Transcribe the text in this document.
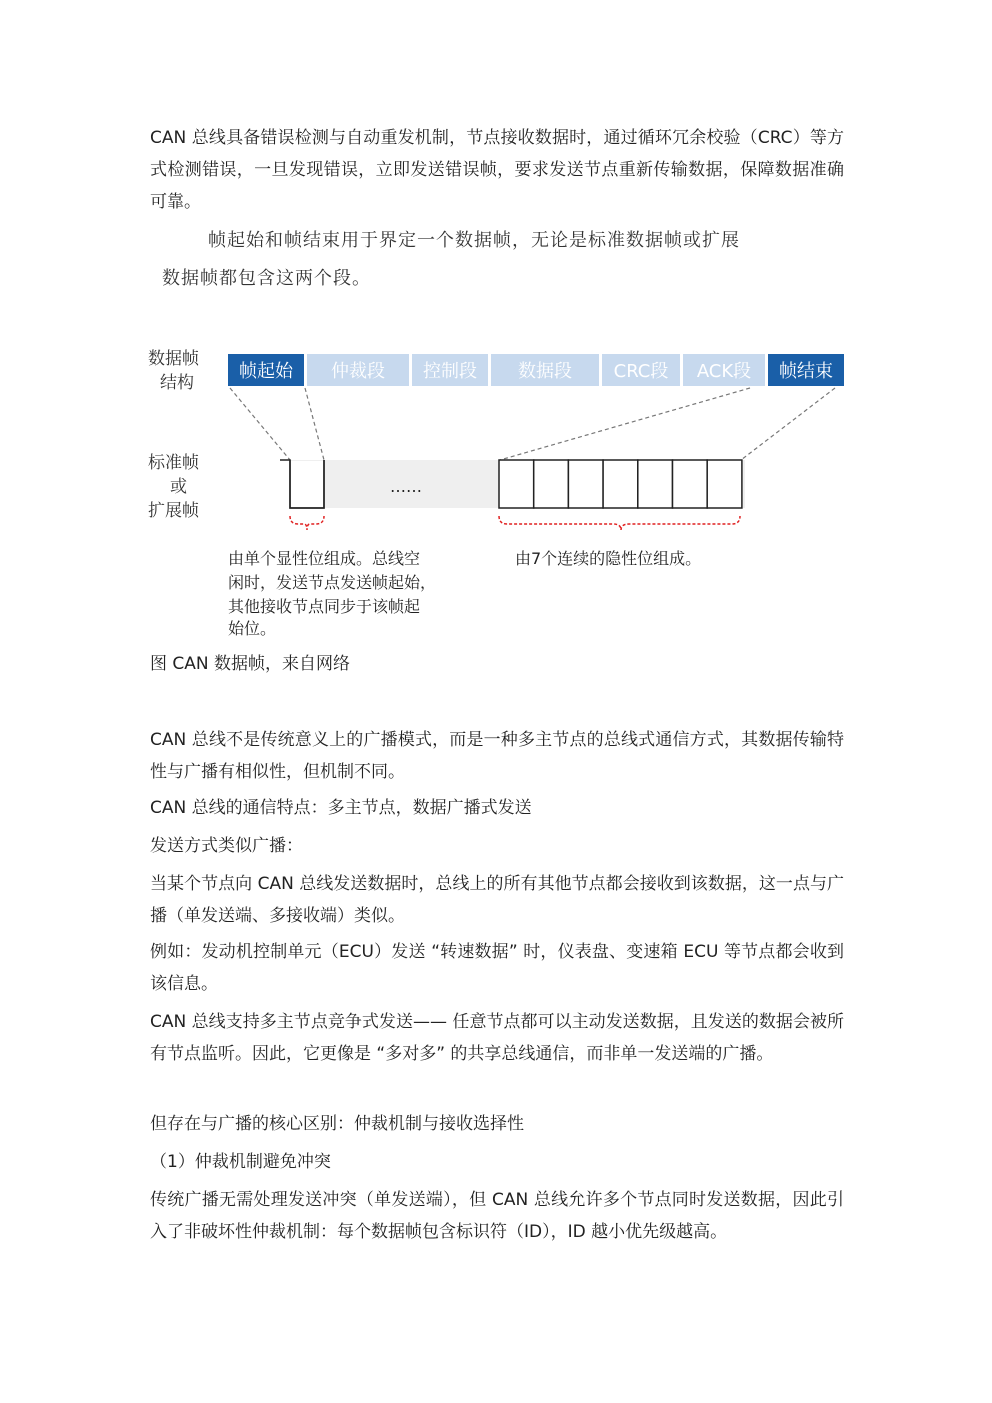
CAN 总线具备错误检测与自动重发机制，节点接收数据时，通过循环冗余校验（CRC）等方式检测错误，一旦发现错误，立即发送错误帧，要求发送节点重新传输数据，保障数据准确可靠。

帧起始和帧结束用于界定一个数据帧，无论是标准数据帧或扩展
数据帧都包含这两个段。
数据帧
结构
标准帧
或
扩展帧
帧起始 仲裁段 控制段 数据段 CRC段 ACK段 帧结束
……
由单个显性位组成。总线空
闲时，发送节点发送帧起始，
其他接收节点同步于该帧起
始位。
由7个连续的隐性位组成。
图 CAN 数据帧，来自网络

CAN 总线不是传统意义上的广播模式，而是一种多主节点的总线式通信方式，其数据传输特性与广播有相似性，但机制不同。

CAN 总线的通信特点：多主节点，数据广播式发送

发送方式类似广播：

当某个节点向 CAN 总线发送数据时，总线上的所有其他节点都会接收到该数据，这一点与广播（单发送端、多接收端）类似。

例如：发动机控制单元（ECU）发送 “转速数据” 时，仪表盘、变速箱 ECU 等节点都会收到该信息。

CAN 总线支持多主节点竞争式发送—— 任意节点都可以主动发送数据，且发送的数据会被所有节点监听。因此，它更像是 “多对多” 的共享总线通信，而非单一发送端的广播。

但存在与广播的核心区别：仲裁机制与接收选择性

（1）仲裁机制避免冲突

传统广播无需处理发送冲突（单发送端），但 CAN 总线允许多个节点同时发送数据，因此引入了非破坏性仲裁机制：每个数据帧包含标识符（ID），ID 越小优先级越高。
